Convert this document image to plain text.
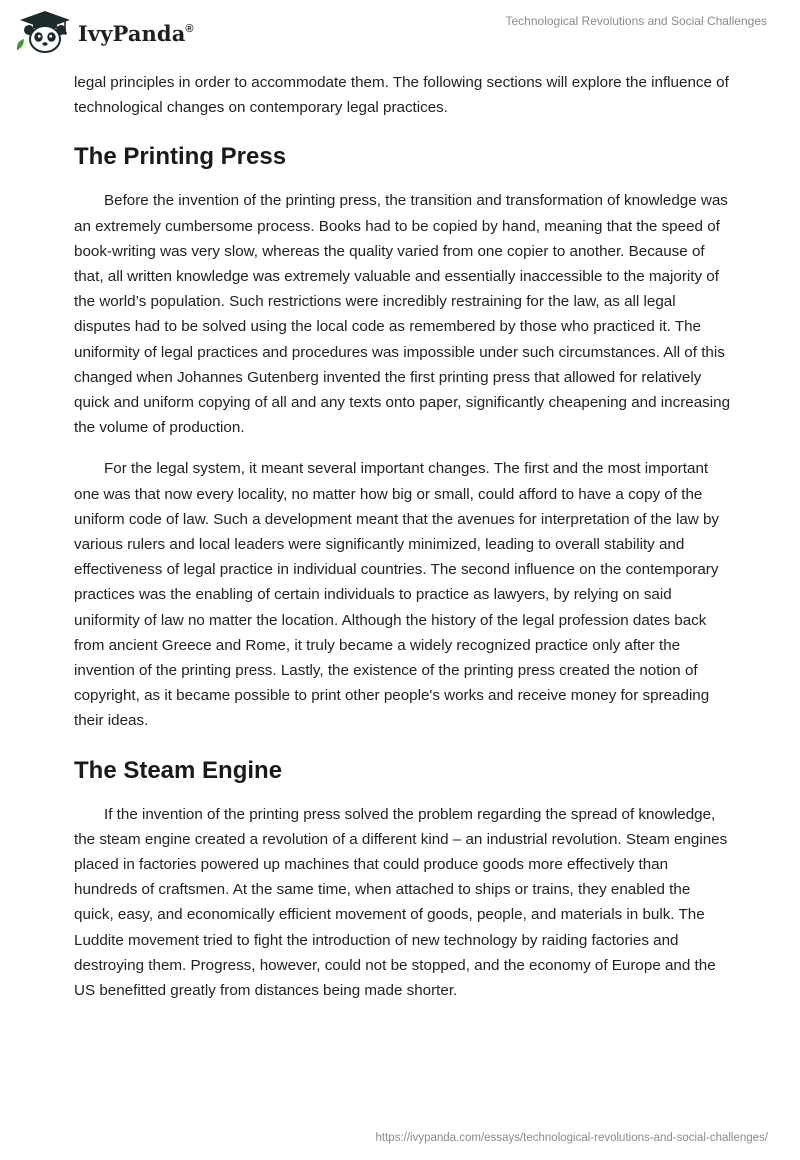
IvyPanda®
Technological Revolutions and Social Challenges

legal principles in order to accommodate them. The following sections will explore the influence of technological changes on contemporary legal practices.

The Printing Press

Before the invention of the printing press, the transition and transformation of knowledge was an extremely cumbersome process. Books had to be copied by hand, meaning that the speed of book-writing was very slow, whereas the quality varied from one copier to another. Because of that, all written knowledge was extremely valuable and essentially inaccessible to the majority of the world’s population. Such restrictions were incredibly restraining for the law, as all legal disputes had to be solved using the local code as remembered by those who practiced it. The uniformity of legal practices and procedures was impossible under such circumstances. All of this changed when Johannes Gutenberg invented the first printing press that allowed for relatively quick and uniform copying of all and any texts onto paper, significantly cheapening and increasing the volume of production.

For the legal system, it meant several important changes. The first and the most important one was that now every locality, no matter how big or small, could afford to have a copy of the uniform code of law. Such a development meant that the avenues for interpretation of the law by various rulers and local leaders were significantly minimized, leading to overall stability and effectiveness of legal practice in individual countries. The second influence on the contemporary practices was the enabling of certain individuals to practice as lawyers, by relying on said uniformity of law no matter the location. Although the history of the legal profession dates back from ancient Greece and Rome, it truly became a widely recognized practice only after the invention of the printing press. Lastly, the existence of the printing press created the notion of copyright, as it became possible to print other people's works and receive money for spreading their ideas.

The Steam Engine

If the invention of the printing press solved the problem regarding the spread of knowledge, the steam engine created a revolution of a different kind – an industrial revolution. Steam engines placed in factories powered up machines that could produce goods more effectively than hundreds of craftsmen. At the same time, when attached to ships or trains, they enabled the quick, easy, and economically efficient movement of goods, people, and materials in bulk. The Luddite movement tried to fight the introduction of new technology by raiding factories and destroying them. Progress, however, could not be stopped, and the economy of Europe and the US benefitted greatly from distances being made shorter.

https://ivypanda.com/essays/technological-revolutions-and-social-challenges/
